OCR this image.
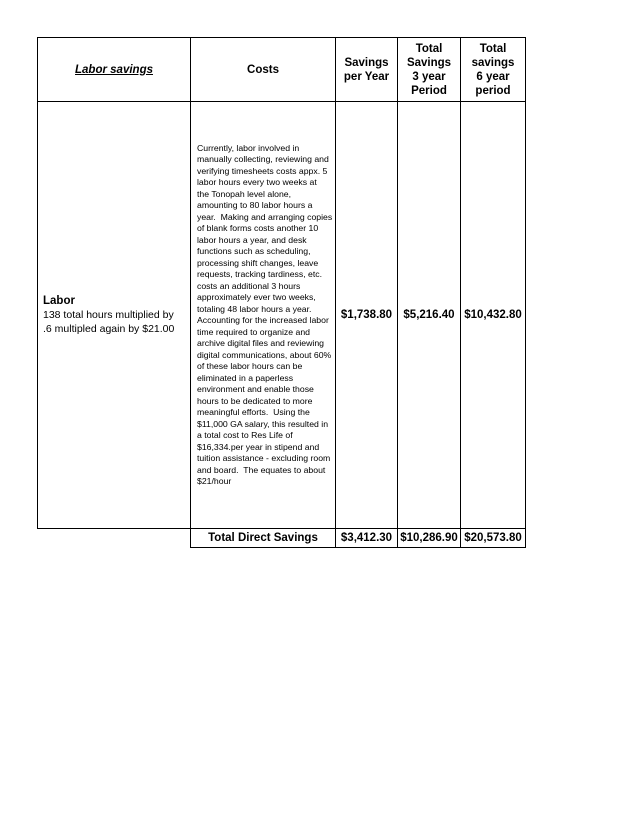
Labor savings	Costs
Savings
per Year
Total
Savings
3 year
Period
Total
savings
6 year
period
Labor
138 total hours multiplied by .6 multipled again by $21.00
Currently, labor involved in
manually collecting, reviewing and
verifying timesheets costs appx. 5
labor hours every two weeks at
the Tonopah level alone,
amounting to 80 labor hours a
year.  Making and arranging copies
of blank forms costs another 10
labor hours a year, and desk
functions such as scheduling,
processing shift changes, leave
requests, tracking tardiness, etc.
costs an additional 3 hours
approximately ever two weeks,
totaling 48 labor hours a year.
Accounting for the increased labor
time required to organize and
archive digital files and reviewing
digital communications, about 60%
of these labor hours can be
eliminated in a paperless
environment and enable those
hours to be dedicated to more
meaningful efforts.  Using the
$11,000 GA salary, this resulted in
a total cost to Res Life of
$16,334.per year in stipend and
tuition assistance - excluding room
and board.  The equates to about
$21/hour
$1,738.80 $5,216.40 $10,432.80
Total Direct Savings $3,412.30 $10,286.90 $20,573.80
